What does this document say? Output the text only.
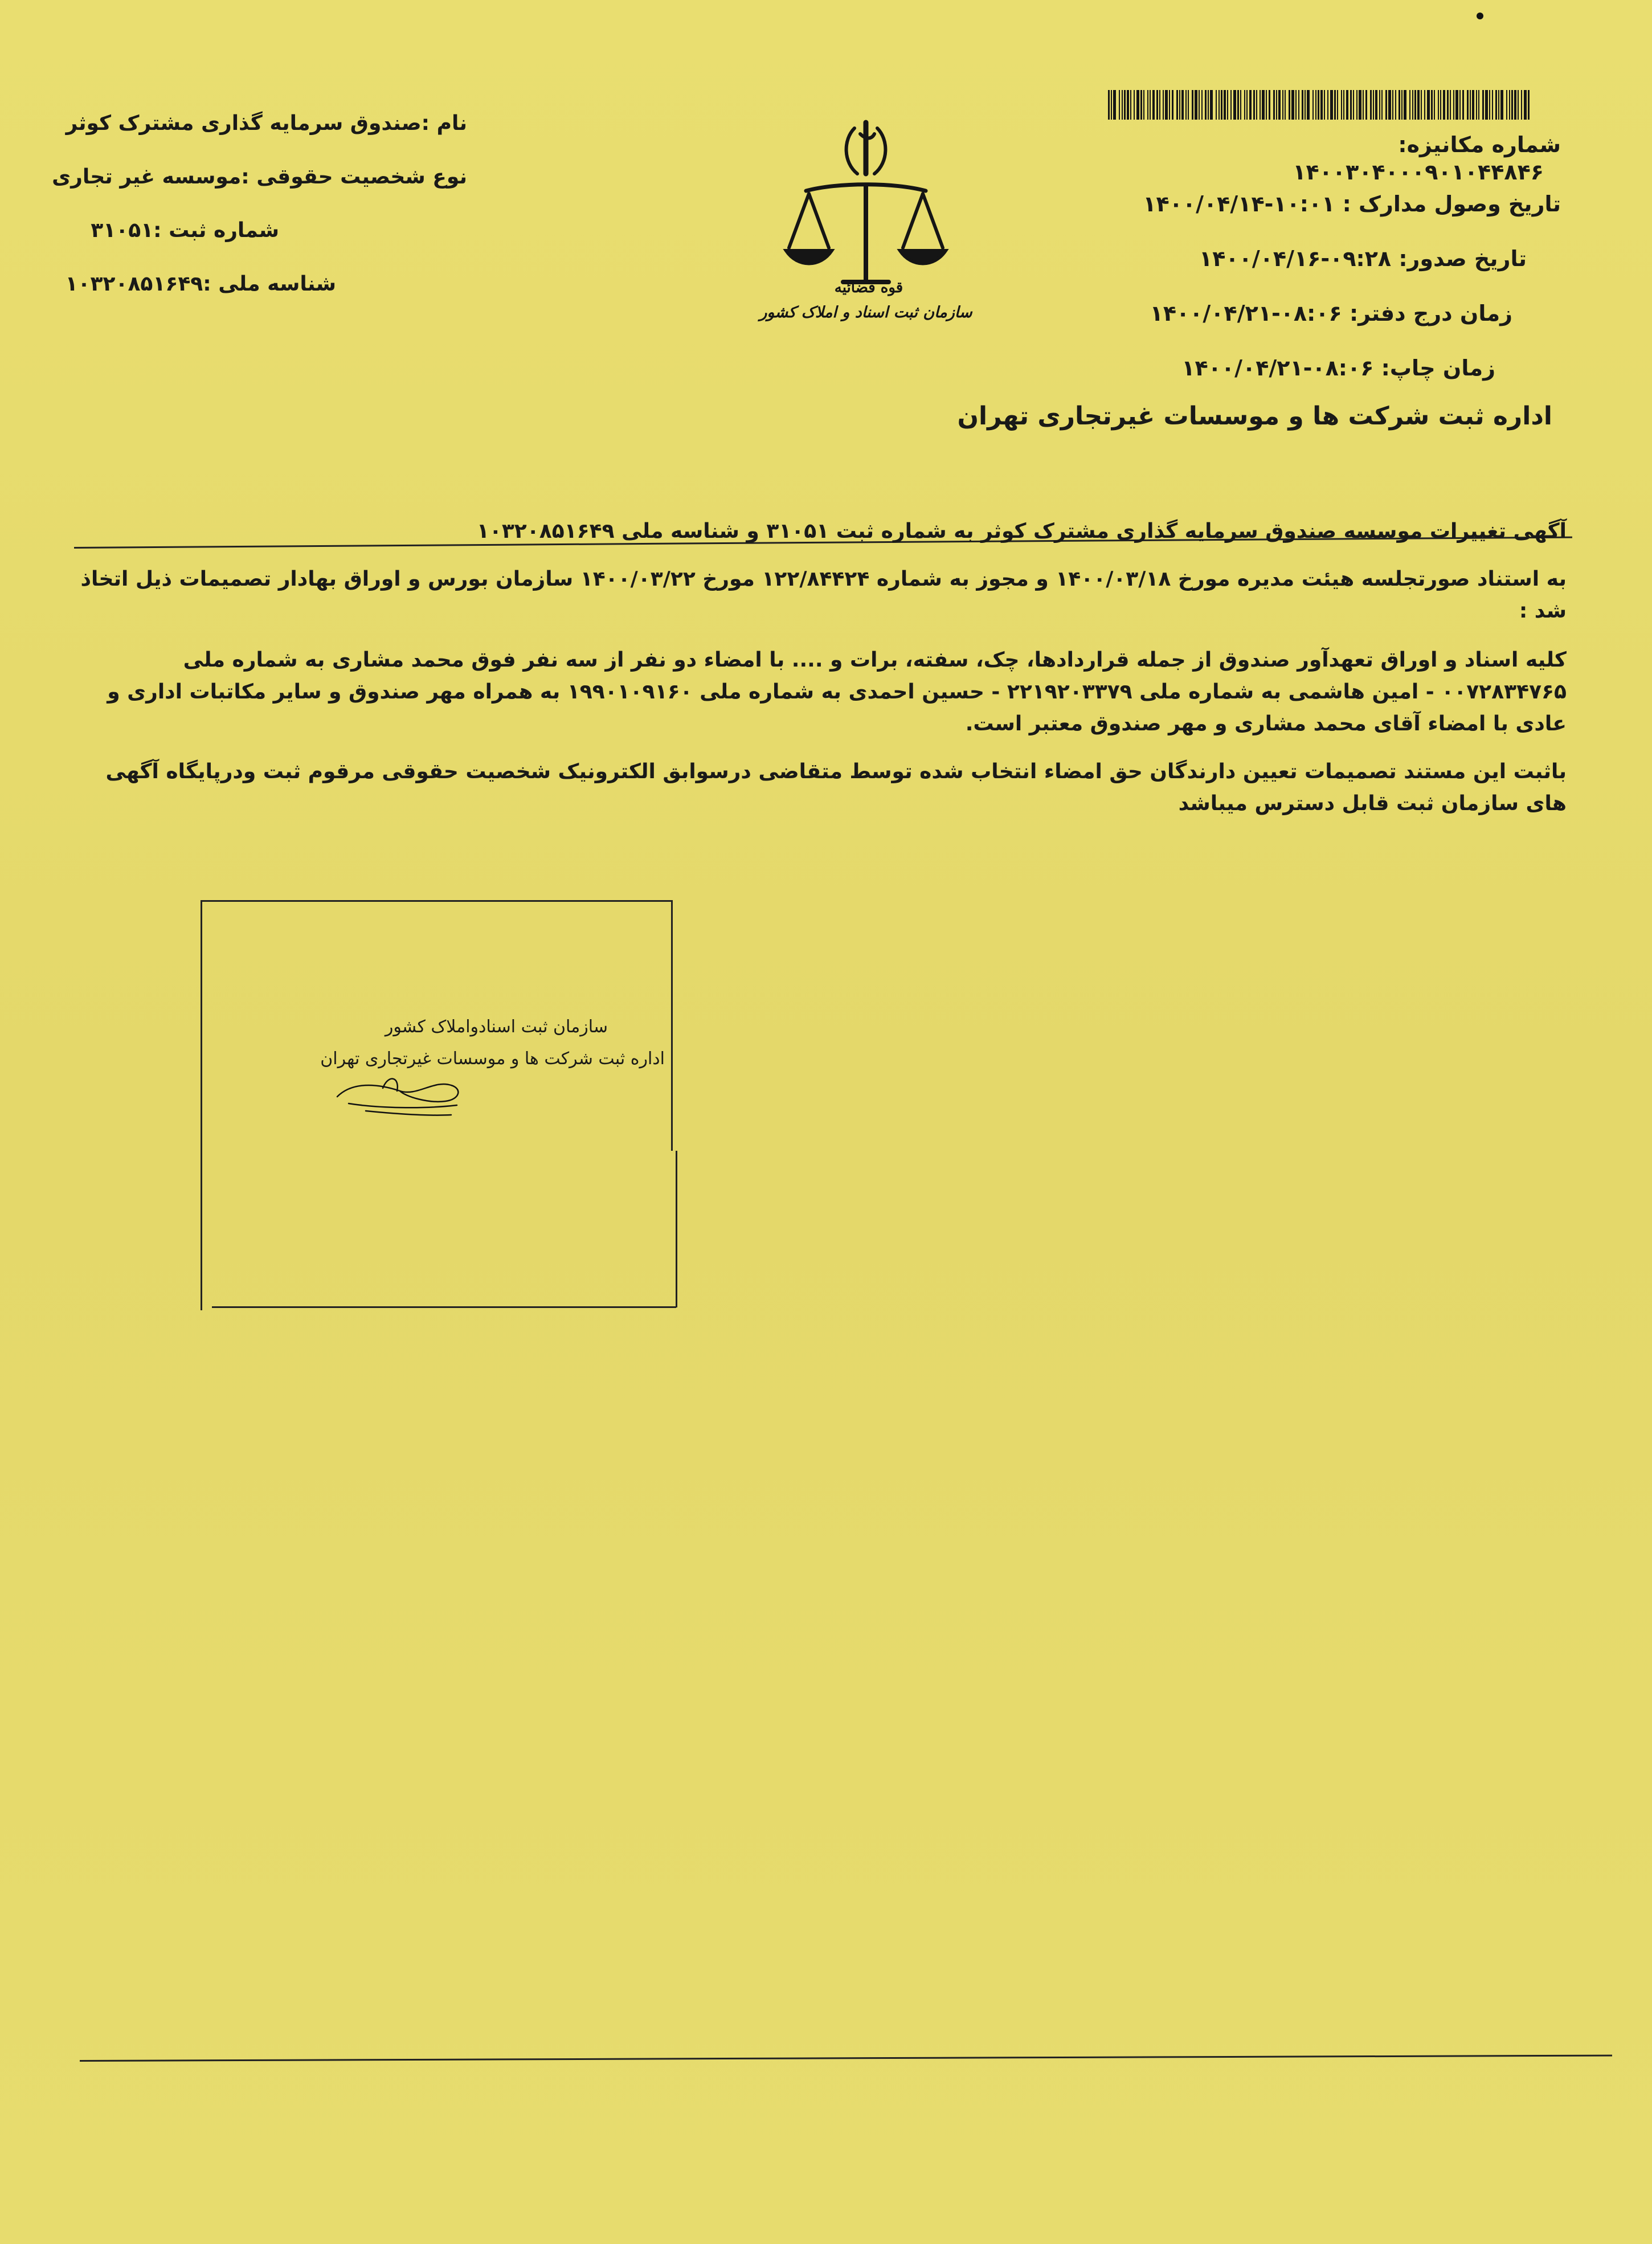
شماره مکانیزه:
۱۴۰۰۳۰۴۰۰۰۹۰۱۰۴۴۸۴۶
تاریخ وصول مدارک : ۱۴۰۰/۰۴/۱۴-۱۰:۰۱
تاریخ صدور: ۱۴۰۰/۰۴/۱۶-۰۹:۲۸
زمان درج دفتر: ۱۴۰۰/۰۴/۲۱-۰۸:۰۶
زمان چاپ: ۱۴۰۰/۰۴/۲۱-۰۸:۰۶
نام :صندوق سرمایه گذاری مشترک کوثر
نوع شخصیت حقوقی :موسسه غیر تجاری
شماره ثبت :۳۱۰۵۱
شناسه ملی :۱۰۳۲۰۸۵۱۶۴۹	قوه قضائیه
سازمان ثبت اسناد و املاک کشور
اداره ثبت شرکت ها و موسسات غیرتجاری تهران

آگهی تغییرات موسسه صندوق سرمایه گذاری مشترک کوثر به شماره ثبت ۳۱۰۵۱ و شناسه ملی ۱۰۳۲۰۸۵۱۶۴۹

به استناد صورتجلسه هیئت مدیره مورخ ۱۴۰۰/۰۳/۱۸ و مجوز به شماره ۱۲۲/۸۴۴۲۴ مورخ ۱۴۰۰/۰۳/۲۲ سازمان بورس و اوراق بهادار تصمیمات ذیل اتخاذ شد :

کلیه اسناد و اوراق تعهدآور صندوق از جمله قراردادها، چک، سفته، برات و .... با امضاء دو نفر از سه نفر فوق محمد مشاری به شماره ملی ۰۰۷۲۸۳۴۷۶۵ - امین هاشمی به شماره ملی ۲۲۱۹۲۰۳۳۷۹ - حسین احمدی به شماره ملی ۱۹۹۰۱۰۹۱۶۰ به همراه مهر صندوق و سایر مکاتبات اداری و عادی با امضاء آقای محمد مشاری و مهر صندوق معتبر است.

باثبت این مستند تصمیمات تعیین دارندگان حق امضاء انتخاب شده توسط متقاضی درسوابق الکترونیک شخصیت حقوقی مرقوم ثبت ودرپایگاه آگهی های سازمان ثبت قابل دسترس میباشد

سازمان ثبت اسنادواملاک کشور
اداره ثبت شرکت ها و موسسات غیرتجاری تهران
